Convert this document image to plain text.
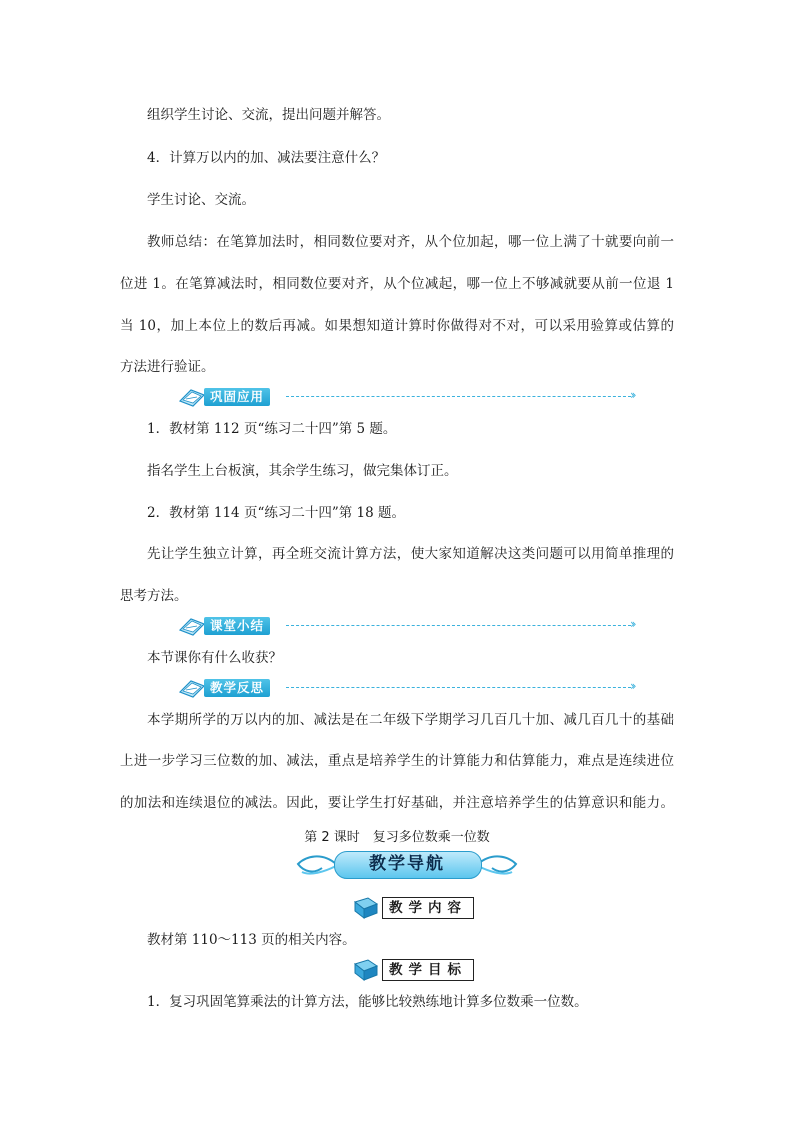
组织学生讨论、交流，提出问题并解答。
4．计算万以内的加、减法要注意什么？
学生讨论、交流。
教师总结：在笔算加法时，相同数位要对齐，从个位加起，哪一位上满了十就要向前一
位进 1。在笔算减法时，相同数位要对齐，从个位减起，哪一位上不够减就要从前一位退 1
当 10，加上本位上的数后再减。如果想知道计算时你做得对不对，可以采用验算或估算的
方法进行验证。
巩固应用	››
1．教材第 112 页“练习二十四”第 5 题。
指名学生上台板演，其余学生练习，做完集体订正。
2．教材第 114 页“练习二十四”第 18 题。
先让学生独立计算，再全班交流计算方法，使大家知道解决这类问题可以用简单推理的
思考方法。
课堂小结	››
本节课你有什么收获？
教学反思	››
本学期所学的万以内的加、减法是在二年级下学期学习几百几十加、减几百几十的基础
上进一步学习三位数的加、减法，重点是培养学生的计算能力和估算能力，难点是连续进位
的加法和连续退位的减法。因此，要让学生打好基础，并注意培养学生的估算意识和能力。
第 2 课时　复习多位数乘一位数
教学导航
教学内容
教材第 110～113 页的相关内容。
教学目标
1．复习巩固笔算乘法的计算方法，能够比较熟练地计算多位数乘一位数。
